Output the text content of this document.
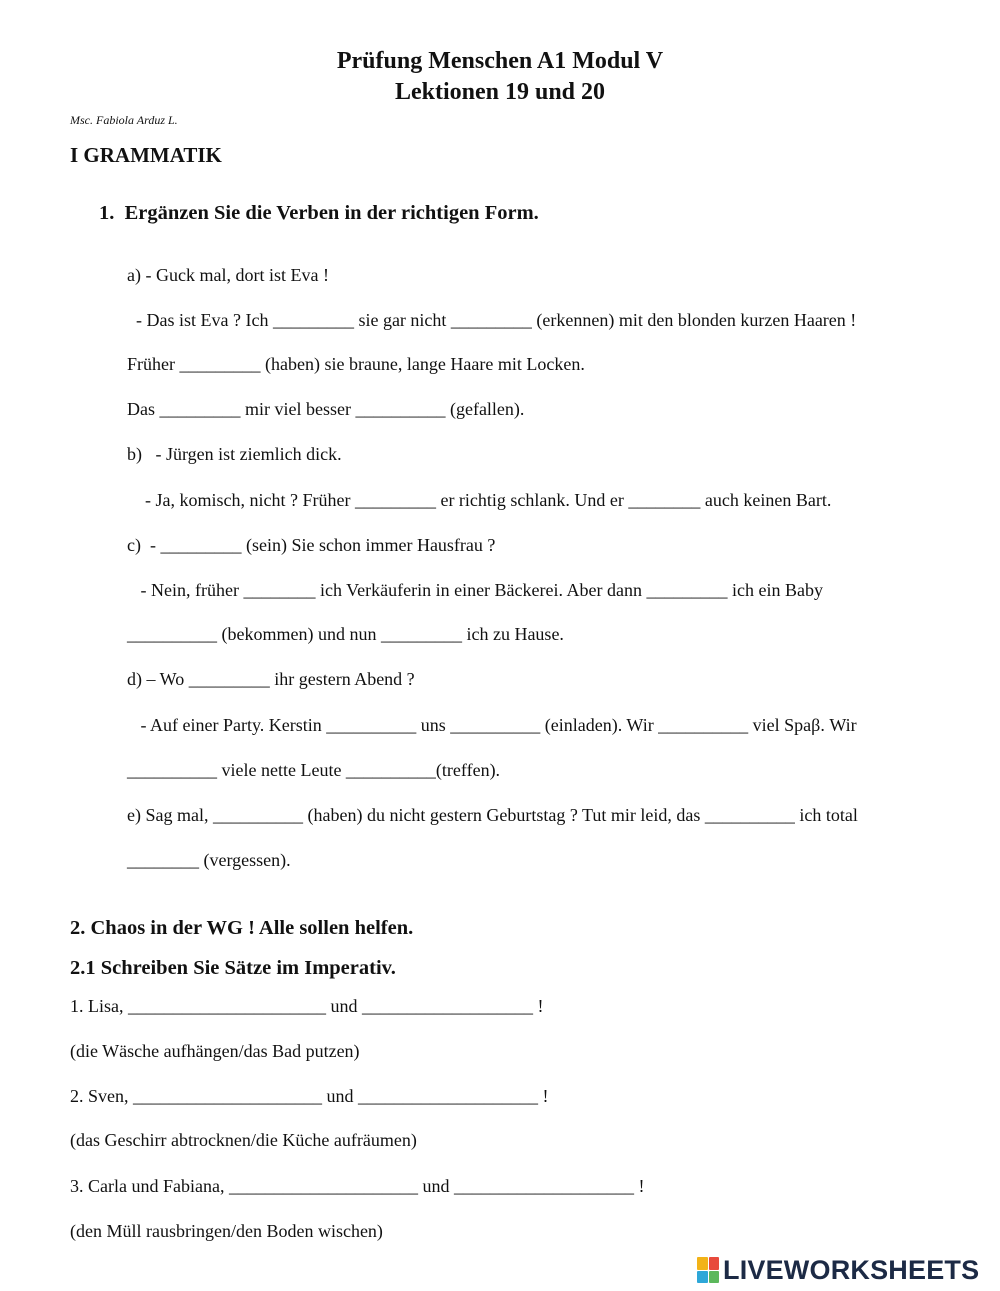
Prüfung Menschen A1 Modul V
Lektionen 19 und 20

Msc. Fabiola Arduz L.

I GRAMMATIK
1.  Ergänzen Sie die Verben in der richtigen Form.

a) - Guck mal, dort ist Eva !

- Das ist Eva ? Ich _________ sie gar nicht _________ (erkennen) mit den blonden kurzen Haaren !

Früher _________ (haben) sie braune, lange Haare mit Locken.

Das _________ mir viel besser __________ (gefallen).

b)   - Jürgen ist ziemlich dick.

- Ja, komisch, nicht ? Früher _________ er richtig schlank. Und er ________ auch keinen Bart.

c)  - _________ (sein) Sie schon immer Hausfrau ?

- Nein, früher ________ ich Verkäuferin in einer Bäckerei. Aber dann _________ ich ein Baby

__________ (bekommen) und nun _________ ich zu Hause.

d) – Wo _________ ihr gestern Abend ?

- Auf einer Party. Kerstin __________ uns __________ (einladen). Wir __________ viel Spaβ. Wir

__________ viele nette Leute __________(treffen).

e) Sag mal, __________ (haben) du nicht gestern Geburtstag ? Tut mir leid, das __________ ich total

________ (vergessen).

2. Chaos in der WG ! Alle sollen helfen.
2.1 Schreiben Sie Sätze im Imperativ.

1. Lisa, ______________________ und ___________________ !

(die Wäsche aufhängen/das Bad putzen)

2. Sven, _____________________ und ____________________ !

(das Geschirr abtrocknen/die Küche aufräumen)

3. Carla und Fabiana, _____________________ und ____________________ !

(den Müll rausbringen/den Boden wischen)

LIVEWORKSHEETS
